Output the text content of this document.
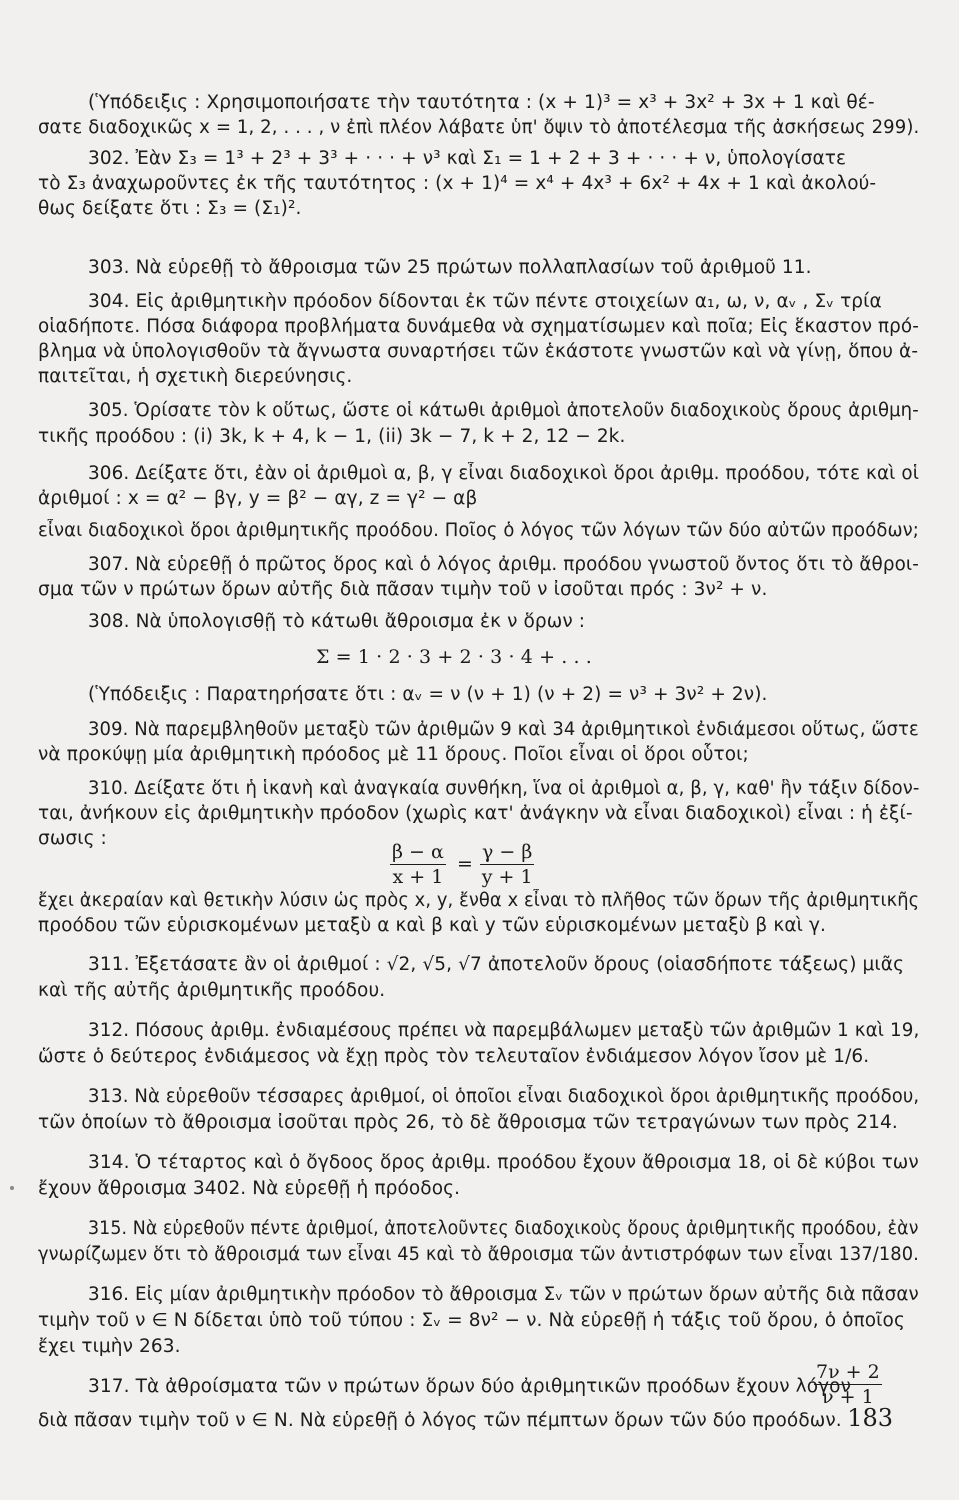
(Ὑπόδειξις : Χρησιμοποιήσατε τὴν ταυτότητα : (x + 1)³ = x³ + 3x² + 3x + 1 καὶ θέ-
σατε διαδοχικῶς x = 1, 2, . . . , ν ἐπὶ πλέον λάβατε ὑπ' ὄψιν τὸ ἀποτέλεσμα τῆς ἀσκήσεως 299).
302. Ἐὰν Σ₃ = 1³ + 2³ + 3³ + · · · + ν³ καὶ Σ₁ = 1 + 2 + 3 + · · · + ν, ὑπολογίσατε
τὸ Σ₃ ἀναχωροῦντες ἐκ τῆς ταυτότητος : (x + 1)⁴ = x⁴ + 4x³ + 6x² + 4x + 1 καὶ ἀκολού-
θως δείξατε ὅτι : Σ₃ = (Σ₁)².
303. Νὰ εὑρεθῇ τὸ ἄθροισμα τῶν 25 πρώτων πολλαπλασίων τοῦ ἀριθμοῦ 11.
304. Εἰς ἀριθμητικὴν πρόοδον δίδονται ἐκ τῶν πέντε στοιχείων α₁, ω, ν, αᵥ , Σᵥ τρία
οἱαδήποτε. Πόσα διάφορα προβλήματα δυνάμεθα νὰ σχηματίσωμεν καὶ ποῖα; Εἰς ἕκαστον πρό-
βλημα νὰ ὑπολογισθοῦν τὰ ἄγνωστα συναρτήσει τῶν ἑκάστοτε γνωστῶν καὶ νὰ γίνῃ, ὅπου ἀ-
παιτεῖται, ἡ σχετικὴ διερεύνησις.
305. Ὁρίσατε τὸν k οὕτως, ὥστε οἱ κάτωθι ἀριθμοὶ ἀποτελοῦν διαδοχικοὺς ὅρους ἀριθμη-
τικῆς προόδου : (i) 3k, k + 4, k − 1, (ii) 3k − 7, k + 2, 12 − 2k.
306. Δείξατε ὅτι, ἐὰν οἱ ἀριθμοὶ α, β, γ εἶναι διαδοχικοὶ ὅροι ἀριθμ. προόδου, τότε καὶ οἱ
ἀριθμοί : x = α² − βγ, y = β² − αγ, z = γ² − αβ
εἶναι διαδοχικοὶ ὅροι ἀριθμητικῆς προόδου. Ποῖος ὁ λόγος τῶν λόγων τῶν δύο αὐτῶν προόδων;
307. Νὰ εὑρεθῇ ὁ πρῶτος ὅρος καὶ ὁ λόγος ἀριθμ. προόδου γνωστοῦ ὄντος ὅτι τὸ ἄθροι-
σμα τῶν ν πρώτων ὅρων αὐτῆς διὰ πᾶσαν τιμὴν τοῦ ν ἰσοῦται πρός : 3ν² + ν.
308. Νὰ ὑπολογισθῇ τὸ κάτωθι ἄθροισμα ἐκ ν ὅρων :
Σ = 1 · 2 · 3 + 2 · 3 · 4 + . . .
(Ὑπόδειξις : Παρατηρήσατε ὅτι : αᵥ = ν (ν + 1) (ν + 2) = ν³ + 3ν² + 2ν).
309. Νὰ παρεμβληθοῦν μεταξὺ τῶν ἀριθμῶν 9 καὶ 34 ἀριθμητικοὶ ἐνδιάμεσοι οὕτως, ὥστε
νὰ προκύψῃ μία ἀριθμητικὴ πρόοδος μὲ 11 ὅρους. Ποῖοι εἶναι οἱ ὅροι οὗτοι;
310. Δείξατε ὅτι ἡ ἱκανὴ καὶ ἀναγκαία συνθήκη, ἵνα οἱ ἀριθμοὶ α, β, γ, καθ' ἣν τάξιν δίδον-
ται, ἀνήκουν εἰς ἀριθμητικὴν πρόοδον (χωρὶς κατ' ἀνάγκην νὰ εἶναι διαδοχικοὶ) εἶναι : ἡ ἐξί-
σωσις :
$\frac{\beta - \alpha}{x + 1} = \frac{\gamma - \beta}{y + 1}$
ἔχει ἀκεραίαν καὶ θετικὴν λύσιν ὡς πρὸς x, y, ἔνθα x εἶναι τὸ πλῆθος τῶν ὅρων τῆς ἀριθμητικῆς
προόδου τῶν εὑρισκομένων μεταξὺ α καὶ β καὶ y τῶν εὑρισκομένων μεταξὺ β καὶ γ.
311. Ἐξετάσατε ἂν οἱ ἀριθμοί : √2, √5, √7 ἀποτελοῦν ὅρους (οἱασδήποτε τάξεως) μιᾶς
καὶ τῆς αὐτῆς ἀριθμητικῆς προόδου.
312. Πόσους ἀριθμ. ἐνδιαμέσους πρέπει νὰ παρεμβάλωμεν μεταξὺ τῶν ἀριθμῶν 1 καὶ 19,
ὥστε ὁ δεύτερος ἐνδιάμεσος νὰ ἔχῃ πρὸς τὸν τελευταῖον ἐνδιάμεσον λόγον ἴσον μὲ 1/6.
313. Νὰ εὑρεθοῦν τέσσαρες ἀριθμοί, οἱ ὁποῖοι εἶναι διαδοχικοὶ ὅροι ἀριθμητικῆς προόδου,
τῶν ὁποίων τὸ ἄθροισμα ἰσοῦται πρὸς 26, τὸ δὲ ἄθροισμα τῶν τετραγώνων των πρὸς 214.
314. Ὁ τέταρτος καὶ ὁ ὄγδοος ὅρος ἀριθμ. προόδου ἔχουν ἄθροισμα 18, οἱ δὲ κύβοι των
ἔχουν ἄθροισμα 3402. Νὰ εὑρεθῇ ἡ πρόοδος.
315. Νὰ εὑρεθοῦν πέντε ἀριθμοί, ἀποτελοῦντες διαδοχικοὺς ὅρους ἀριθμητικῆς προόδου, ἐὰν
γνωρίζωμεν ὅτι τὸ ἄθροισμά των εἶναι 45 καὶ τὸ ἄθροισμα τῶν ἀντιστρόφων των εἶναι 137/180.
316. Εἰς μίαν ἀριθμητικὴν πρόοδον τὸ ἄθροισμα Σᵥ τῶν ν πρώτων ὅρων αὐτῆς διὰ πᾶσαν
τιμὴν τοῦ ν ∈ N δίδεται ὑπὸ τοῦ τύπου : Σᵥ = 8ν² − ν. Νὰ εὑρεθῇ ἡ τάξις τοῦ ὅρου, ὁ ὁποῖος
ἔχει τιμὴν 263.
317. Τὰ ἀθροίσματα τῶν ν πρώτων ὅρων δύο ἀριθμητικῶν προόδων ἔχουν λόγον
$\frac{7\nu + 2}{\nu + 1}$
διὰ πᾶσαν τιμὴν τοῦ ν ∈ N. Νὰ εὑρεθῇ ὁ λόγος τῶν πέμπτων ὅρων τῶν δύο προόδων. 183
